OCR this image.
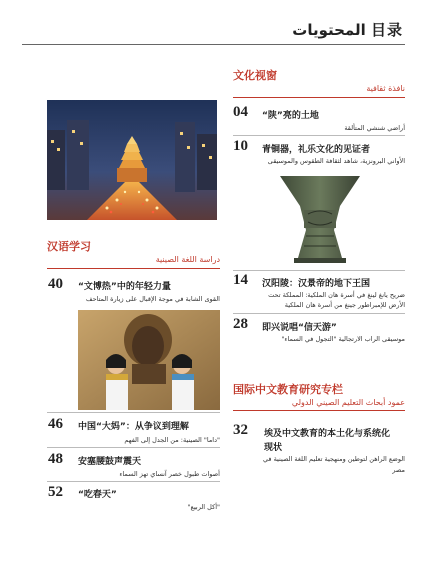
المحتويات 目录
汉语学习
دراسة اللغة الصينية
40 “文博热”中的年轻力量
القوى الشابة في موجة الإقبال على زيارة المتاحف
46 中国“大妈”：从争议到理解
"داما" الصينية: من الجدل إلى الفهم
48 安塞腰鼓声震天
أصوات طبول خصر آنساي تهز السماء
52 “吃春天”
"أكل الربيع"
文化视窗
نافذة ثقافية
04 “陕”亮的土地
أراضي شنشي المتألقة
10 青铜器，礼乐文化的见证者
الأواني البرونزية، شاهد لثقافة الطقوس والموسيقى
14 汉阳陵：汉景帝的地下王国
ضريح يانغ لينغ في أسرة هان الملكية: المملكة تحت
الأرض للإمبراطور جينغ من أسرة هان الملكية
28 即兴说唱“信天游”
موسيقى الراب الارتجالية "التجول في السماء"
国际中文教育研究专栏
عمود أبحاث التعليم الصيني الدولي
32 埃及中文教育的本土化与系统化
现状
الوضع الراهن لتوطين ومنهجية تعليم اللغة الصينية في
مصر
